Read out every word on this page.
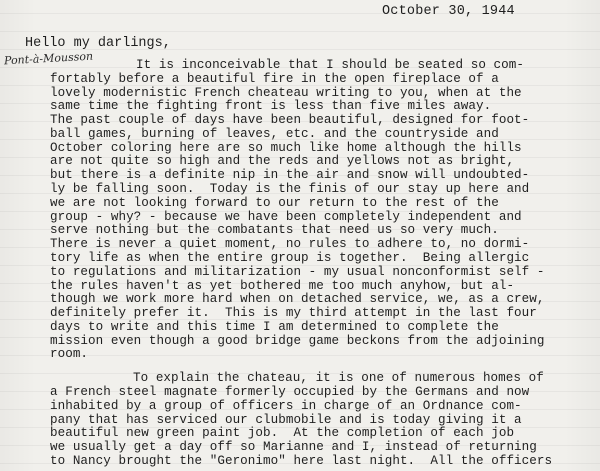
October 30, 1944
Hello my darlings,
Pont-à-Mousson	It is inconceivable that I should be seated so com-
fortably before a beautiful fire in the open fireplace of a
lovely modernistic French cheateau writing to you, when at the
same time the fighting front is less than five miles away.
The past couple of days have been beautiful, designed for foot-
ball games, burning of leaves, etc. and the countryside and
October coloring here are so much like home although the hills
are not quite so high and the reds and yellows not as bright,
but there is a definite nip in the air and snow will undoubted-
ly be falling soon.  Today is the finis of our stay up here and
we are not looking forward to our return to the rest of the
group - why? - because we have been completely independent and
serve nothing but the combatants that need us so very much.
There is never a quiet moment, no rules to adhere to, no dormi-
tory life as when the entire group is together.  Being allergic
to regulations and militarization - my usual nonconformist self -
the rules haven't as yet bothered me too much anyhow, but al-
though we work more hard when on detached service, we, as a crew,
definitely prefer it.  This is my third attempt in the last four
days to write and this time I am determined to complete the
mission even though a good bridge game beckons from the adjoining
room.
To explain the chateau, it is one of numerous homes of
a French steel magnate formerly occupied by the Germans and now
inhabited by a group of officers in charge of an Ordnance com-
pany that has serviced our clubmobile and is today giving it a
beautiful new green paint job.  At the completion of each job
we usually get a day off so Marianne and I, instead of returning
to Nancy brought the "Geronimo" here last night.  All the officers
